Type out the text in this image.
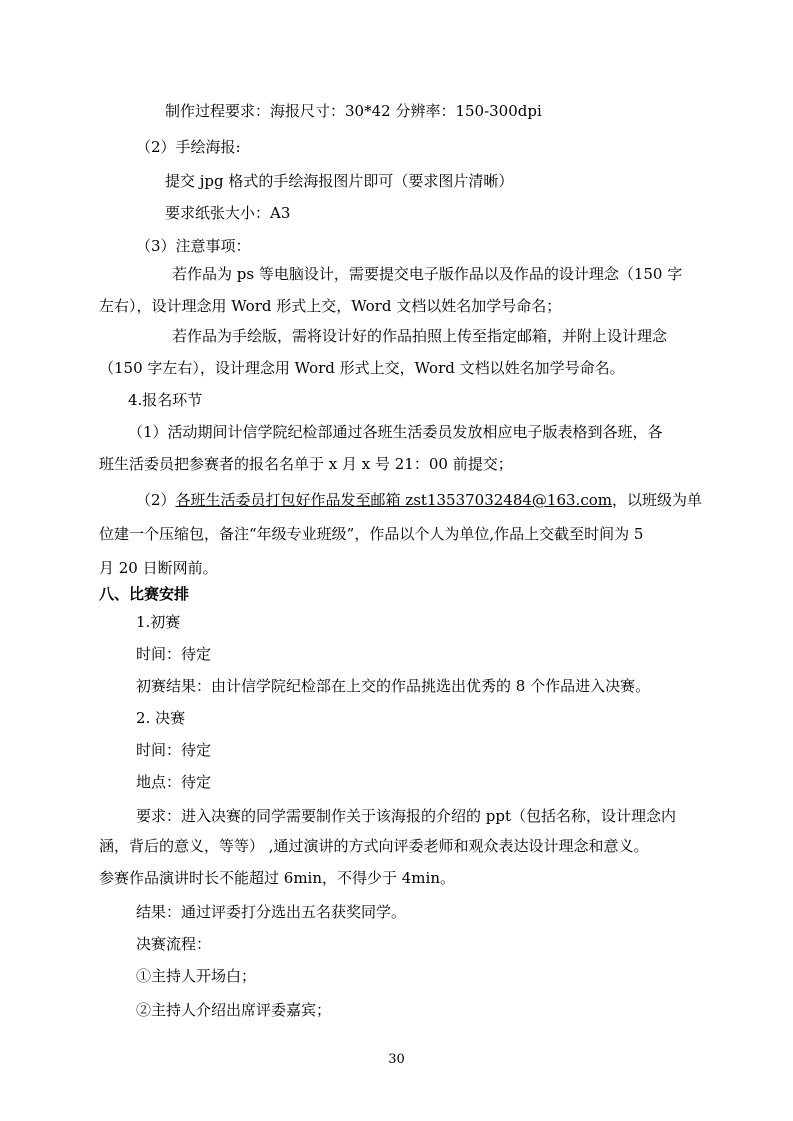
制作过程要求：海报尺寸：30*42 分辨率：150-300dpi
（2）手绘海报:
提交 jpg 格式的手绘海报图片即可（要求图片清晰）
要求纸张大小：A3
（3）注意事项：
若作品为 ps 等电脑设计，需要提交电子版作品以及作品的设计理念（150 字
左右），设计理念用 Word 形式上交，Word 文档以姓名加学号命名；
若作品为手绘版，需将设计好的作品拍照上传至指定邮箱，并附上设计理念
（150 字左右），设计理念用 Word 形式上交，Word 文档以姓名加学号命名。
4.报名环节
（1）活动期间计信学院纪检部通过各班生活委员发放相应电子版表格到各班，各
班生活委员把参赛者的报名名单于 x 月 x 号 21：00 前提交；
（2）各班生活委员打包好作品发至邮箱 zst13537032484@163.com，以班级为单
位建一个压缩包，备注“年级专业班级”，作品以个人为单位,作品上交截至时间为 5
月 20 日断网前。
八、比赛安排
1.初赛
时间：待定
初赛结果：由计信学院纪检部在上交的作品挑选出优秀的 8 个作品进入决赛。
2. 决赛
时间：待定
地点：待定
要求：进入决赛的同学需要制作关于该海报的介绍的 ppt（包括名称，设计理念内
涵，背后的意义，等等） ,通过演讲的方式向评委老师和观众表达设计理念和意义。
参赛作品演讲时长不能超过 6min，不得少于 4min。
结果：通过评委打分选出五名获奖同学。
决赛流程：
①主持人开场白；
②主持人介绍出席评委嘉宾；
30
